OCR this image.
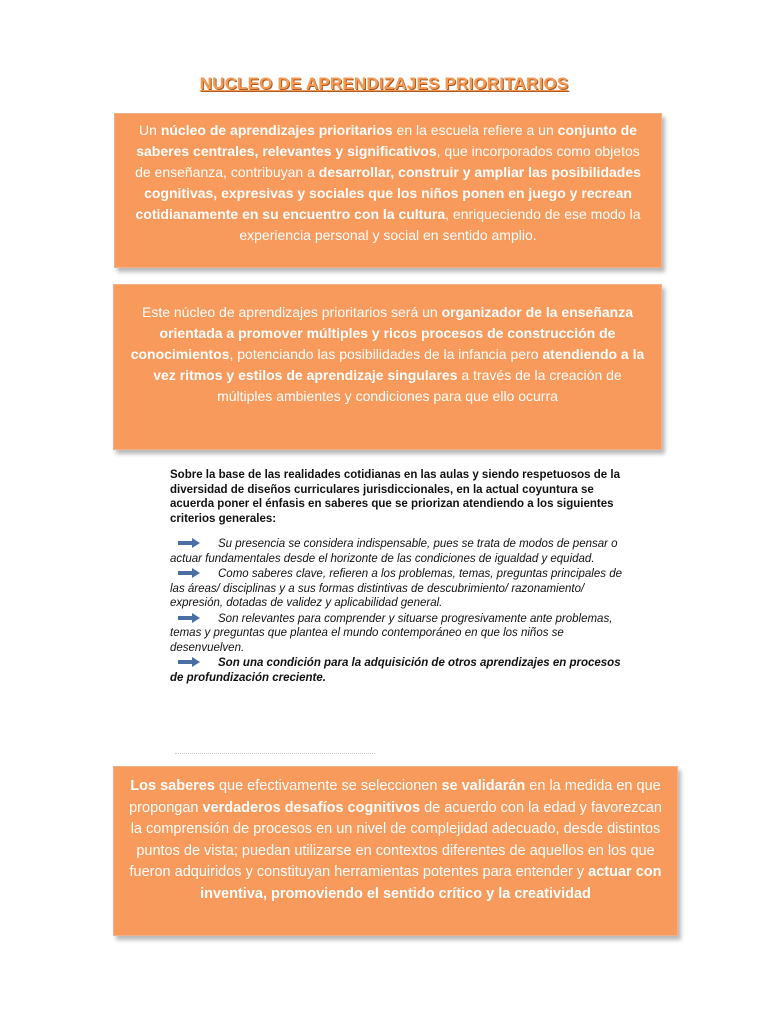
NUCLEO DE APRENDIZAJES PRIORITARIOS
Un núcleo de aprendizajes prioritarios en la escuela refiere a un conjunto de saberes centrales, relevantes y significativos, que incorporados como objetos de enseñanza, contribuyan a desarrollar, construir y ampliar las posibilidades cognitivas, expresivas y sociales que los niños ponen en juego y recrean cotidianamente en su encuentro con la cultura, enriqueciendo de ese modo la experiencia personal y social en sentido amplio.
Este núcleo de aprendizajes prioritarios será un organizador de la enseñanza orientada a promover múltiples y ricos procesos de construcción de conocimientos, potenciando las posibilidades de la infancia pero atendiendo a la vez ritmos y estilos de aprendizaje singulares a través de la creación de múltiples ambientes y condiciones para que ello ocurra
Sobre la base de las realidades cotidianas en las aulas y siendo respetuosos de la diversidad de diseños curriculares jurisdiccionales, en la actual coyuntura se acuerda poner el énfasis en saberes que se priorizan atendiendo a los siguientes criterios generales:
Su presencia se considera indispensable, pues se trata de modos de pensar o actuar fundamentales desde el horizonte de las condiciones de igualdad y equidad.
Como saberes clave, refieren a los problemas, temas, preguntas principales de las áreas/ disciplinas y a sus formas distintivas de descubrimiento/ razonamiento/ expresión, dotadas de validez y aplicabilidad general.
Son relevantes para comprender y situarse progresivamente ante problemas, temas y preguntas que plantea el mundo contemporáneo en que los niños se desenvuelven.
Son una condición para la adquisición de otros aprendizajes en procesos de profundización creciente.
Los saberes que efectivamente se seleccionen se validarán en la medida en que propongan verdaderos desafíos cognitivos de acuerdo con la edad y favorezcan la comprensión de procesos en un nivel de complejidad adecuado, desde distintos puntos de vista; puedan utilizarse en contextos diferentes de aquellos en los que fueron adquiridos y constituyan herramientas potentes para entender y actuar con inventiva, promoviendo el sentido crítico y la creatividad
